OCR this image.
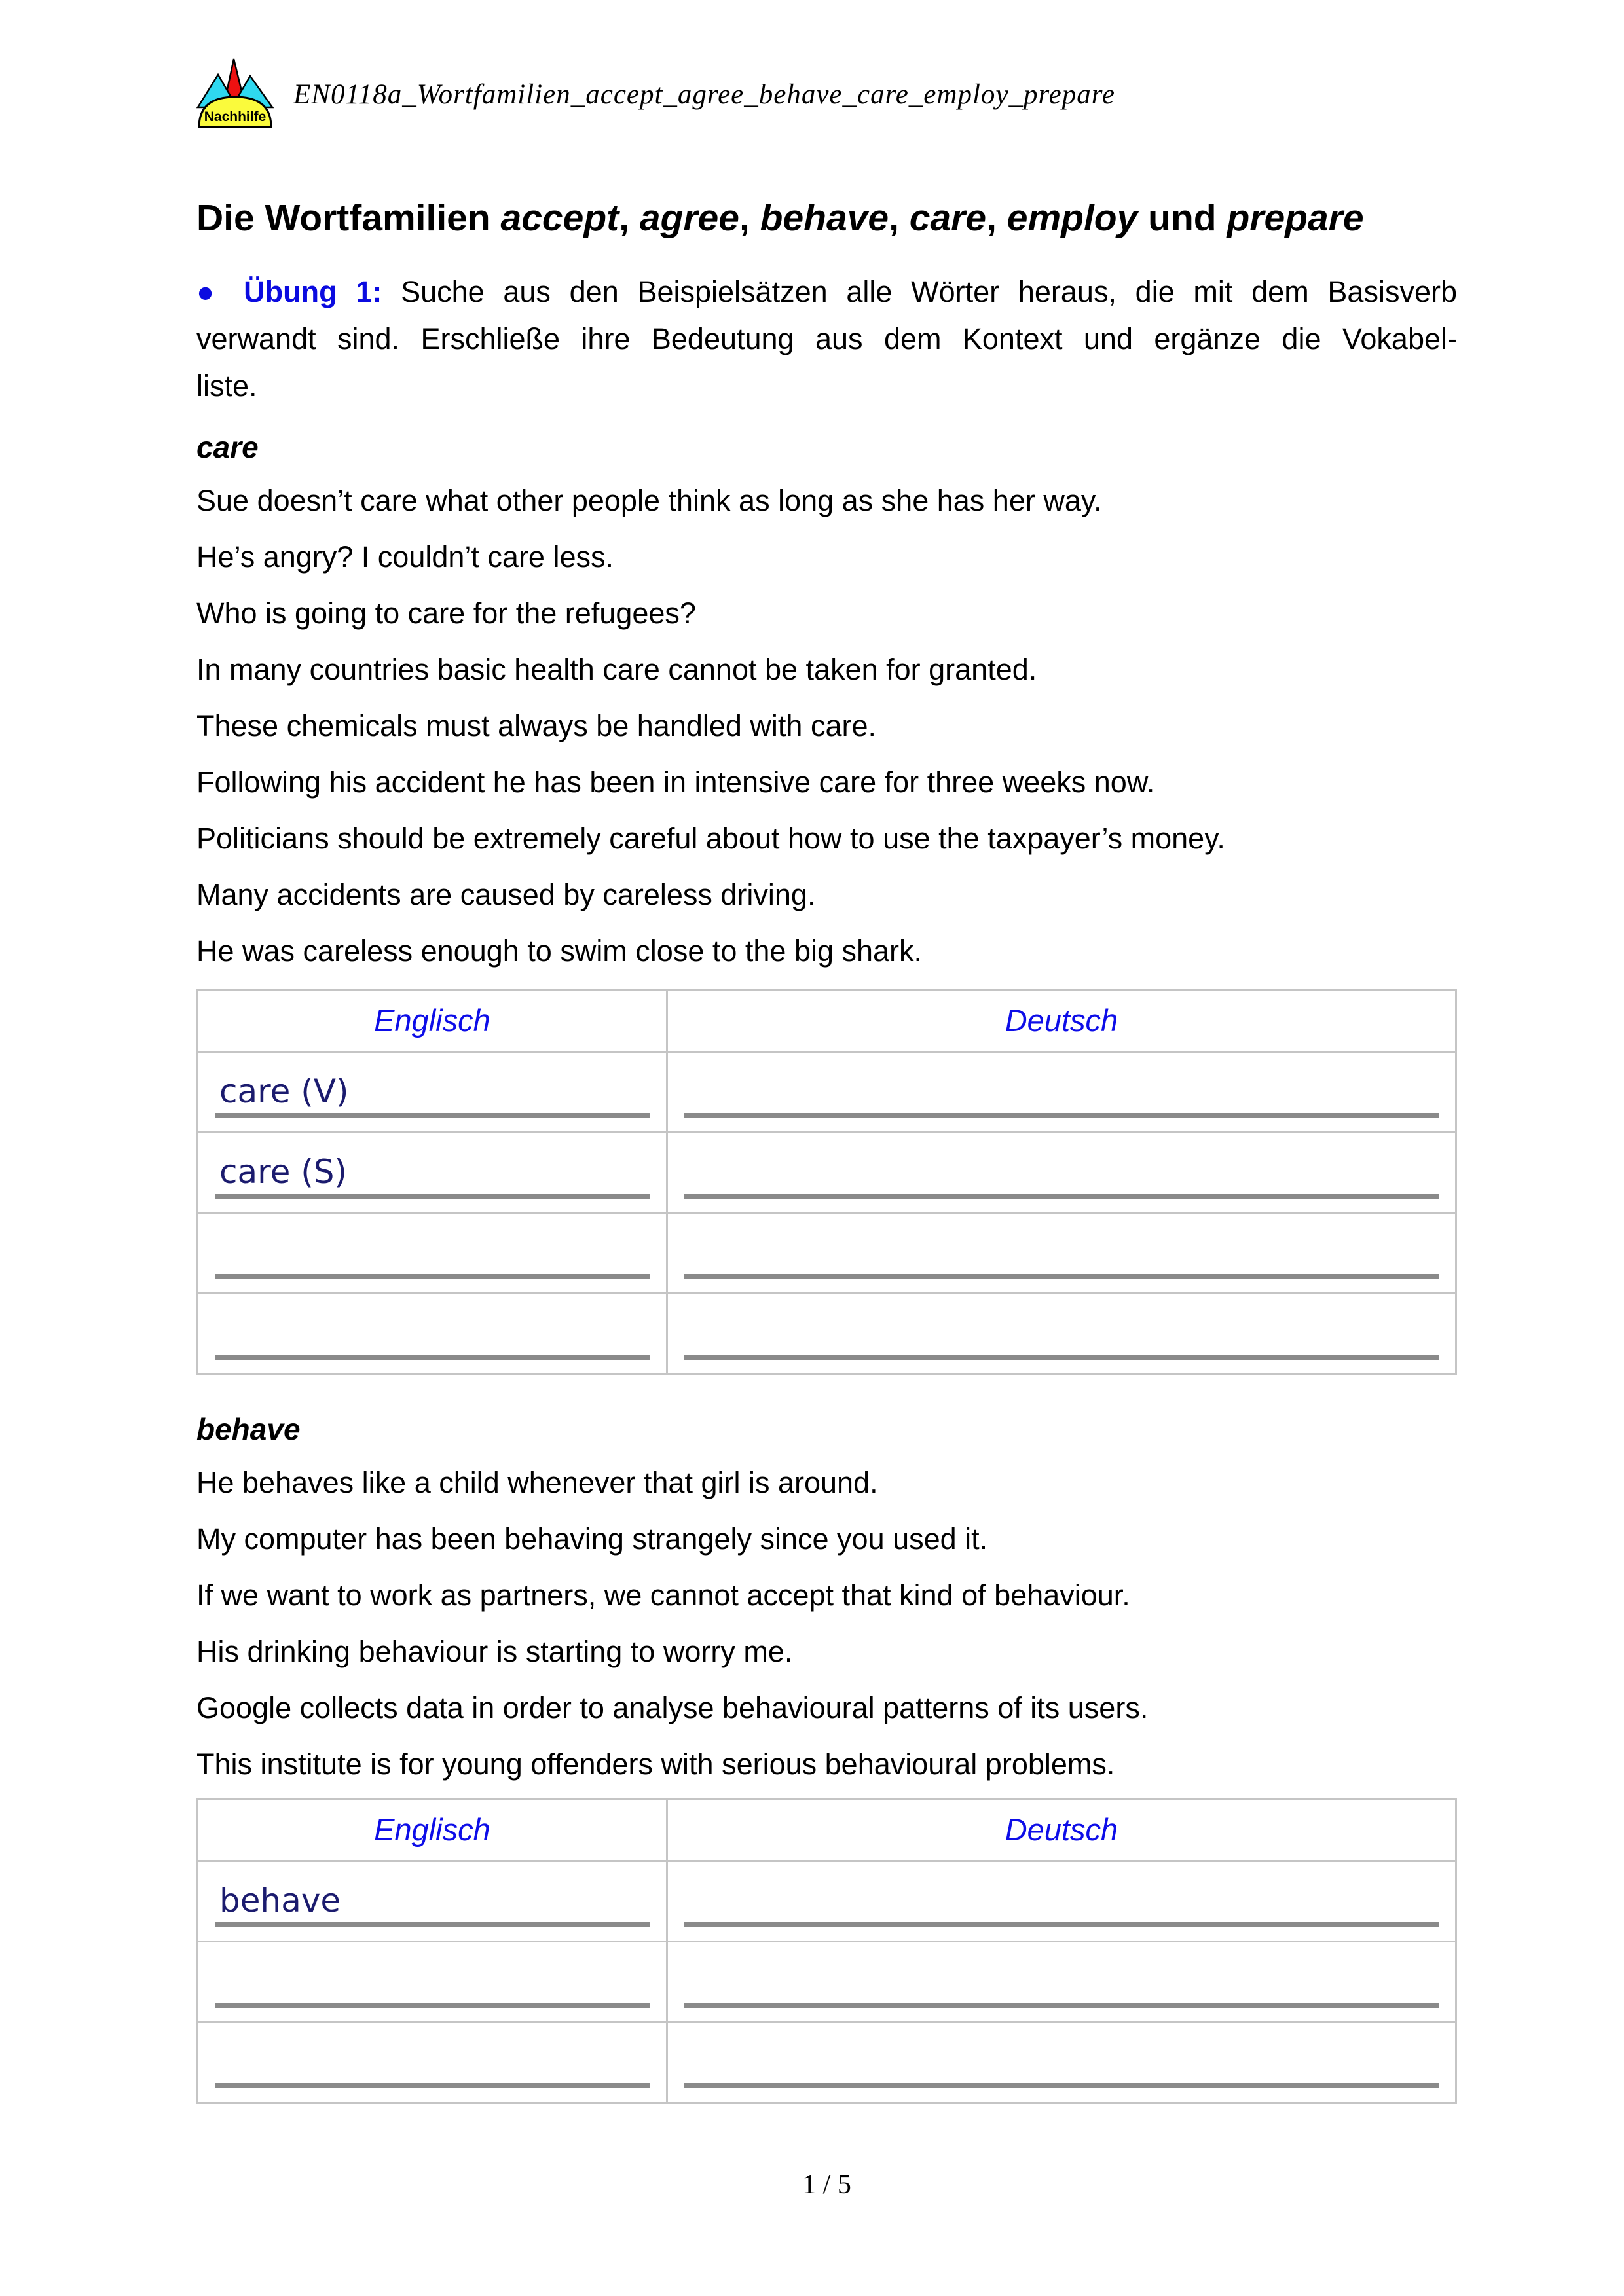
Nachhilfe
EN0118a_Wortfamilien_accept_agree_behave_care_employ_prepare
Die Wortfamilien accept, agree, behave, care, employ und prepare
● Übung 1: Suche aus den Beispielsätzen alle Wörter heraus, die mit dem Basisverb
verwandt sind. Erschließe ihre Bedeutung aus dem Kontext und ergänze die Vokabel-
liste.
care

Sue doesn’t care what other people think as long as she has her way.

He’s angry? I couldn’t care less.

Who is going to care for the refugees?

In many countries basic health care cannot be taken for granted.

These chemicals must always be handled with care.

Following his accident he has been in intensive care for three weeks now.

Politicians should be extremely careful about how to use the taxpayer’s money.

Many accidents are caused by careless driving.

He was careless enough to swim close to the big shark.

Englisch	Deutsch

care (V)	

care (S)	

behave

He behaves like a child whenever that girl is around.

My computer has been behaving strangely since you used it.

If we want to work as partners, we cannot accept that kind of behaviour.

His drinking behaviour is starting to worry me.

Google collects data in order to analyse behavioural patterns of its users.

This institute is for young offenders with serious behavioural problems.

Englisch	Deutsch

behave	

1 / 5
